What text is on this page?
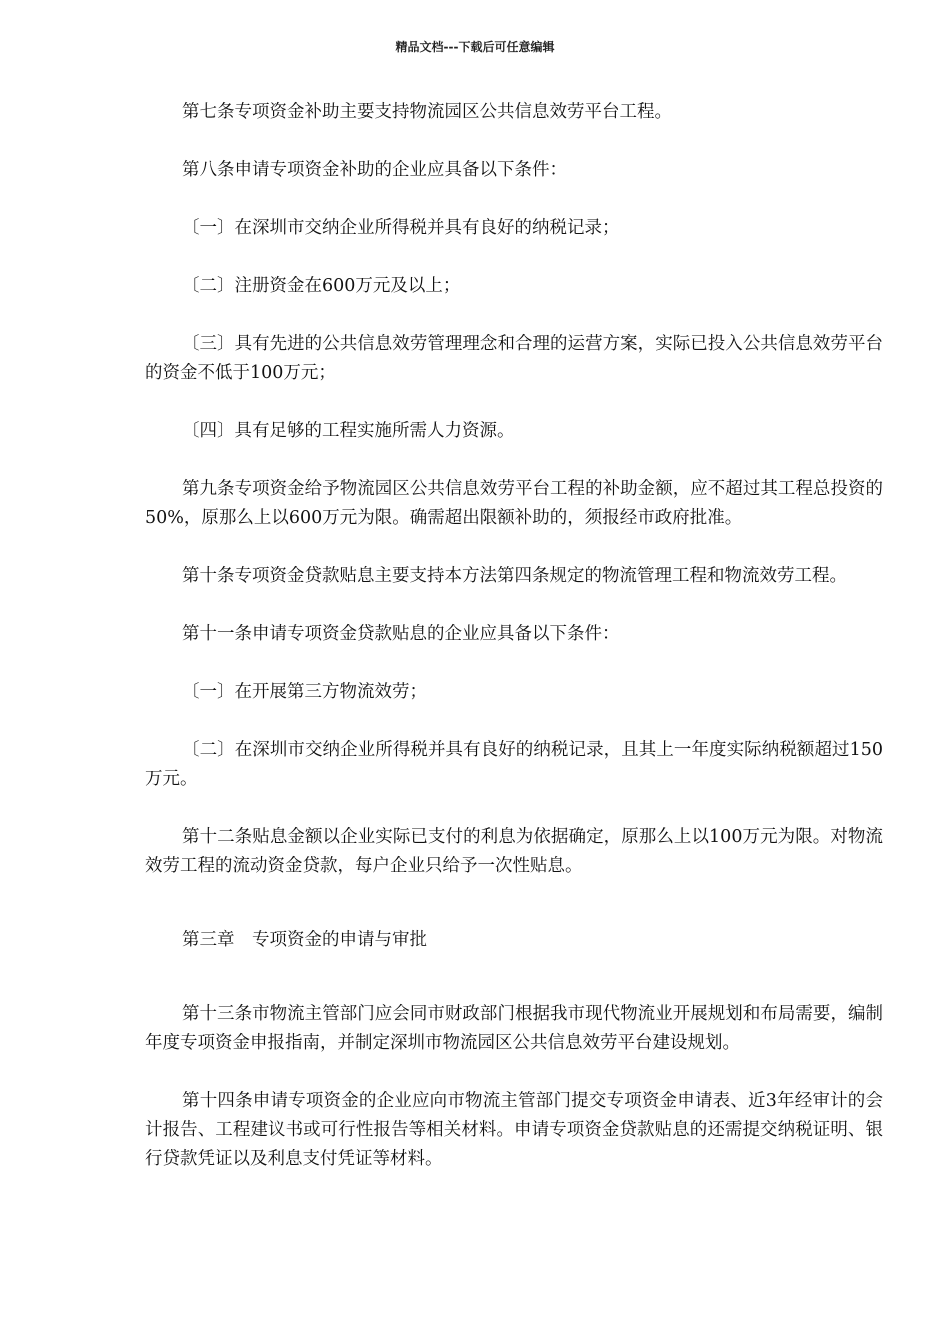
精品文档---下载后可任意编辑

第七条专项资金补助主要支持物流园区公共信息效劳平台工程。

第八条申请专项资金补助的企业应具备以下条件：

〔一〕在深圳市交纳企业所得税并具有良好的纳税记录；

〔二〕注册资金在600万元及以上；

〔三〕具有先进的公共信息效劳管理理念和合理的运营方案，实际已投入公共信息效劳平台的资金不低于100万元；

〔四〕具有足够的工程实施所需人力资源。

第九条专项资金给予物流园区公共信息效劳平台工程的补助金额，应不超过其工程总投资的50%，原那么上以600万元为限。确需超出限额补助的，须报经市政府批准。

第十条专项资金贷款贴息主要支持本方法第四条规定的物流管理工程和物流效劳工程。

第十一条申请专项资金贷款贴息的企业应具备以下条件：

〔一〕在开展第三方物流效劳；

〔二〕在深圳市交纳企业所得税并具有良好的纳税记录，且其上一年度实际纳税额超过150万元。

第十二条贴息金额以企业实际已支付的利息为依据确定，原那么上以100万元为限。对物流效劳工程的流动资金贷款，每户企业只给予一次性贴息。

第三章　专项资金的申请与审批

第十三条市物流主管部门应会同市财政部门根据我市现代物流业开展规划和布局需要，编制年度专项资金申报指南，并制定深圳市物流园区公共信息效劳平台建设规划。

第十四条申请专项资金的企业应向市物流主管部门提交专项资金申请表、近3年经审计的会计报告、工程建议书或可行性报告等相关材料。申请专项资金贷款贴息的还需提交纳税证明、银行贷款凭证以及利息支付凭证等材料。
